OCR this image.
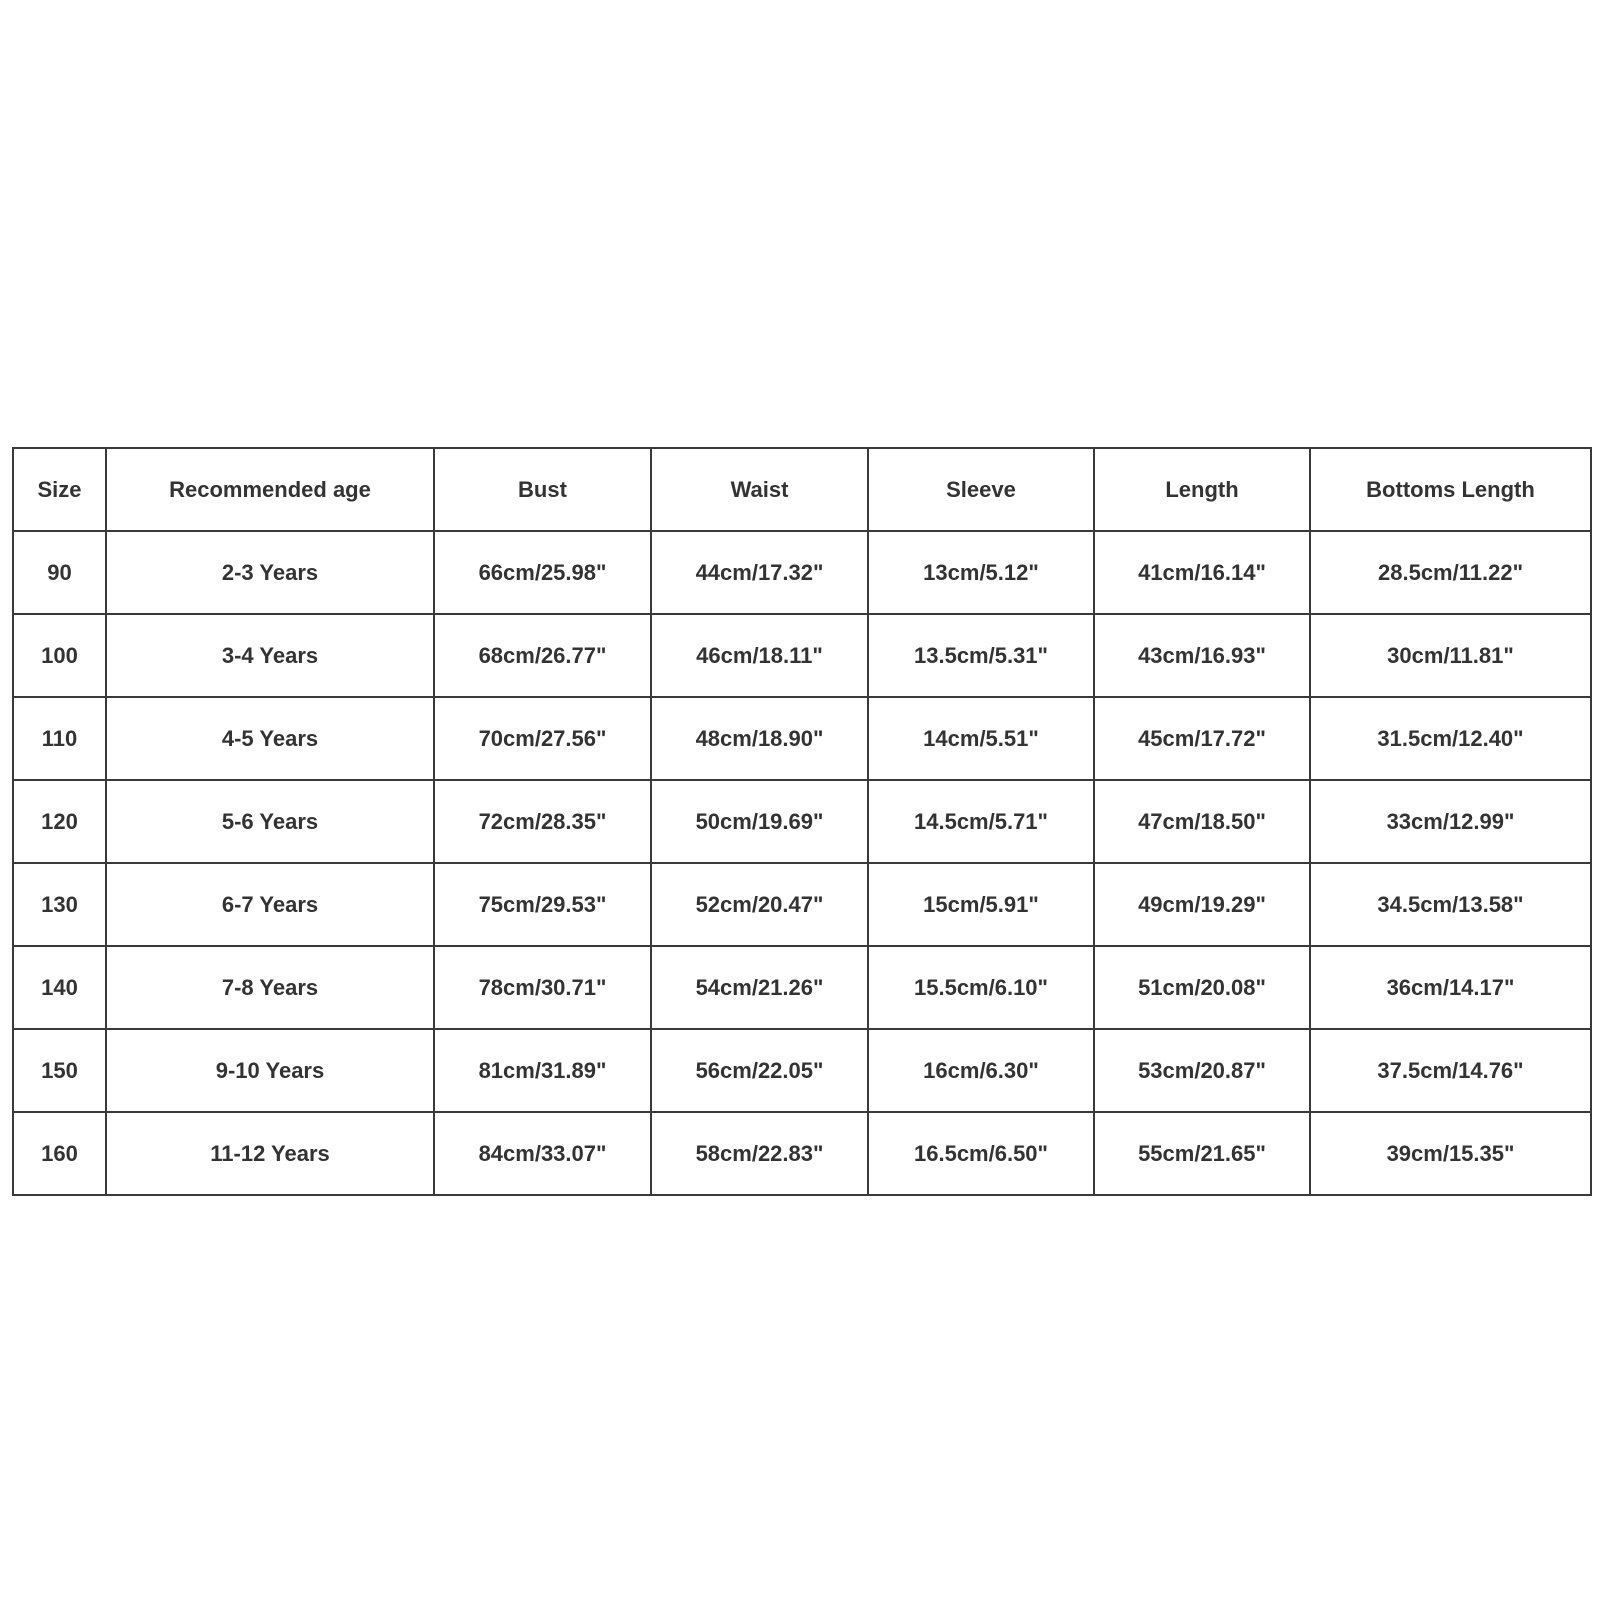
Size	Recommended age	Bust	Waist	Sleeve	Length	Bottoms Length
90	2-3 Years	66cm/25.98"	44cm/17.32"	13cm/5.12"	41cm/16.14"	28.5cm/11.22"
100	3-4 Years	68cm/26.77"	46cm/18.11"	13.5cm/5.31"	43cm/16.93"	30cm/11.81"
110	4-5 Years	70cm/27.56"	48cm/18.90"	14cm/5.51"	45cm/17.72"	31.5cm/12.40"
120	5-6 Years	72cm/28.35"	50cm/19.69"	14.5cm/5.71"	47cm/18.50"	33cm/12.99"
130	6-7 Years	75cm/29.53"	52cm/20.47"	15cm/5.91"	49cm/19.29"	34.5cm/13.58"
140	7-8 Years	78cm/30.71"	54cm/21.26"	15.5cm/6.10"	51cm/20.08"	36cm/14.17"
150	9-10 Years	81cm/31.89"	56cm/22.05"	16cm/6.30"	53cm/20.87"	37.5cm/14.76"
160	11-12 Years	84cm/33.07"	58cm/22.83"	16.5cm/6.50"	55cm/21.65"	39cm/15.35"
